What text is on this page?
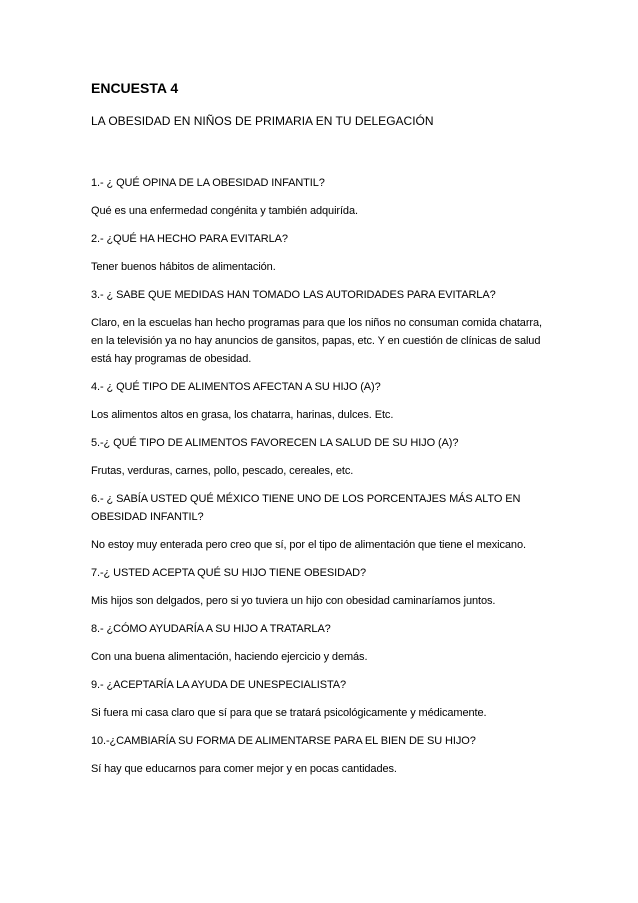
ENCUESTA 4
LA OBESIDAD EN NIÑOS DE PRIMARIA EN TU DELEGACIÓN

1.- ¿ QUÉ OPINA DE LA OBESIDAD INFANTIL?

Qué es una enfermedad congénita y también adquirída.

2.- ¿QUÉ HA HECHO PARA EVITARLA?

Tener buenos hábitos de alimentación.

3.- ¿ SABE QUE MEDIDAS HAN TOMADO LAS AUTORIDADES PARA EVITARLA?

Claro, en la escuelas han hecho programas para que los niños no consuman comida chatarra, en la televisión ya no hay anuncios de gansitos, papas, etc. Y en cuestión de clínicas de salud está hay programas de obesidad.

4.- ¿ QUÉ TIPO DE ALIMENTOS AFECTAN A SU HIJO (A)?

Los alimentos altos en grasa, los chatarra, harinas, dulces. Etc.

5.-¿ QUÉ TIPO DE ALIMENTOS FAVORECEN LA SALUD DE SU HIJO (A)?

Frutas, verduras, carnes, pollo, pescado, cereales, etc.

6.- ¿ SABÍA USTED QUÉ MÉXICO TIENE UNO DE LOS PORCENTAJES MÁS ALTO EN OBESIDAD INFANTIL?

No estoy muy enterada pero creo que sí, por el tipo de alimentación que tiene el mexicano.

7.-¿ USTED ACEPTA QUÉ SU HIJO TIENE OBESIDAD?

Mis hijos son delgados, pero si yo tuviera un hijo con obesidad caminaríamos juntos.

8.- ¿CÓMO AYUDARÍA A SU HIJO A TRATARLA?

Con una buena alimentación, haciendo ejercicio y demás.

9.- ¿ACEPTARÍA LA AYUDA DE UNESPECIALISTA?

Si fuera mi casa claro que sí para que se tratará psicológicamente y médicamente.

10.-¿CAMBIARÍA SU FORMA DE ALIMENTARSE PARA EL BIEN DE SU HIJO?

Sí hay que educarnos para comer mejor y en pocas cantidades.
